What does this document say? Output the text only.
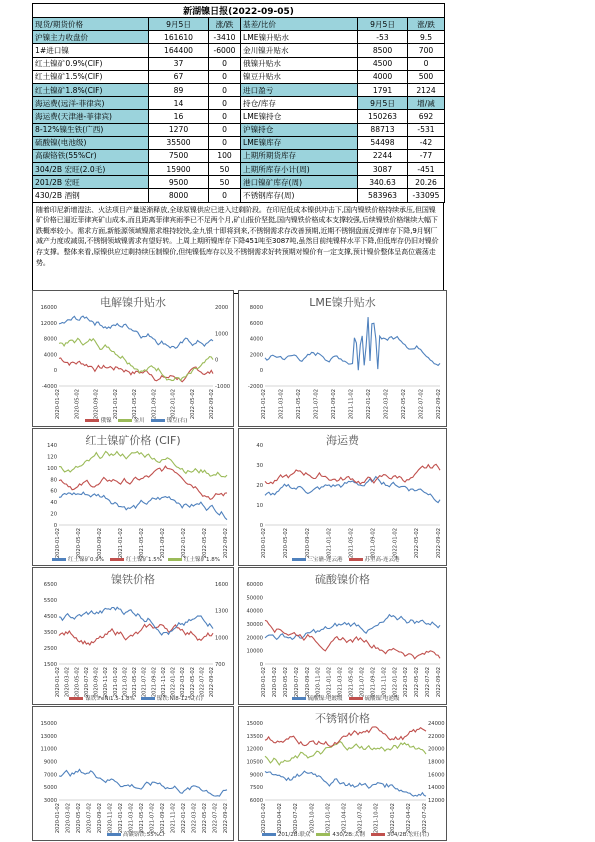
新湖镍日报(2022-09-05)					
现货/期货价格	9月5日	涨/跌	基差/比价	9月5日	涨/跌
沪镍主力收盘价	161610	-3410	LME镍升贴水	-53	9.5
1#进口镍	164400	-6000	金川镍升贴水	8500	700
红土镍矿0.9%(CIF)	37	0	俄镍升贴水	4500	0
红土镍矿1.5%(CIF)	67	0	镍豆升贴水	4000	500
红土镍矿1.8%(CIF)	89	0	进口盈亏	1791	2124
海运费(远洋-菲律宾)	14	0	持仓/库存	9月5日	增/减
海运费(天津港-菲律宾)	16	0	LME镍持仓	150263	692
8-12%镍生铁(广西)	1270	0	沪镍持仓	88713	-531
硫酸镍(电池级)	35500	0	LME镍库存	54498	-42
高碳铬铁(55%Cr)	7500	100	上期所期货库存	2244	-77
304/2B 宏旺(2.0毛)	15900	50	上期所库存小计(周)	3087	-451
201/2B 宏旺	9500	50	港口镍矿库存(周)	340.63	20.26
430/2B 酒钢	8000	0	不锈钢库存(周)	583963	-33095
随着印尼新增湿法、火法项目产量逐渐释放,全球原镍供应已进入过剩阶段。在印尼低成本镍供冲击下,国内镍铁价格持续承压,但国镍矿价格已逼近菲律宾矿山成本,而且距离菲律宾雨季已不足两个月,矿山报价坚挺,国内镍铁价格成本支撑较强,后续镍铁价格继续大幅下跌概率较小。需求方面,新能源领域镍需求维持较快,金九银十即将到来,不锈钢需求存改善预期,近期不锈钢盘面反弹库存下降,9月钢厂减产力度或减弱,不锈钢领域镍需求有望好转。上周上期所镍库存下降451吨至3087吨,虽然目前纯镍样水平下降,但低库存仍旧对镍价存支撑。整体来看,原镍供应过剩持续压制镍价,但纯镍低库存以及不锈钢需求好转预期对镍价有一定支撑,预计镍价整体呈高位震荡走势。
电解镍升贴水
16000
12000
8000
4000
0
-4000
2000
1000
0
-1000
2020-01-02	2020-05-02	2020-09-02	2021-01-02	2021-05-02	2021-09-02	2022-01-02	2022-05-02	2022-09-02
俄镍	金川	镍豆(右)
LME镍升贴水
8000
6000
4000
2000
0
-2000
2021-01-02 2021-03-02 2021-05-02 2021-07-02 2021-09-02 2021-11-02 2022-01-02 2022-03-02 2022-05-02 2022-07-02 2022-09-02
红土镍矿价格 (CIF)
140
120
100
80
60
40
20
0
2020-01-02	2020-05-02	2020-09-02	2021-01-02	2021-05-02	2021-09-02	2022-01-02	2022-05-02	2022-09-02
红土镍矿0.9%	红土镍矿1.5%	红土镍矿1.8%
海运费
40
30
20
10
0
2020-01-02	2020-05-02	2020-09-02	2021-01-02	2021-05-02	2021-09-02	2022-01-02	2022-05-02	2022-09-02
三宝礁-连云港	苏里高-连云港
镍铁价格
6500
5500
4500
3500
2500
1500
1600
1300
1000
700
2020-01-02 2020-03-02 2020-05-02 2020-07-02 2020-09-02 2020-11-02 2021-01-02 2021-03-02 2021-05-02 2021-07-02 2021-09-02 2021-11-02 2022-01-02 2022-03-02 2022-05-02 2022-07-02 2022-09-02
镍铁:FeNi1.5-1.8%	镍铁:Ni8-12%(右)
硫酸镍价格
60000
50000
40000
30000
20000
10000
0
2020-01-02 2020-03-02 2020-05-02 2020-07-02 2020-09-02 2020-11-02 2021-01-02 2021-03-02 2021-05-02 2021-07-02 2021-09-02 2021-11-02 2022-01-02 2022-03-02 2022-05-02 2022-07-02 2022-09-02
硫酸镍:电镀级	硫酸镍:电池级
15000
13000
11000
9000
7000
5000
3000
2020-01-02 2020-03-02 2020-05-02 2020-07-02 2020-09-02 2020-11-02 2021-01-02 2021-03-02 2021-05-02 2021-07-02 2021-09-02 2021-11-02 2022-01-02 2022-03-02 2022-05-02 2022-07-02 2022-09-02
高碳铬铁:55%Cr
不锈钢价格
15000
13500
12000
10500
9000
7500
6000
24000
22000
20000
18000
16000
14000
12000
2020-01-02 2020-04-02 2020-07-02 2020-10-02 2021-01-02 2021-04-02 2021-07-02 2021-10-02 2022-01-02 2022-04-02 2022-07-02
201/2B:联众	430/2B:太钢	304/2B:宏旺(右)
